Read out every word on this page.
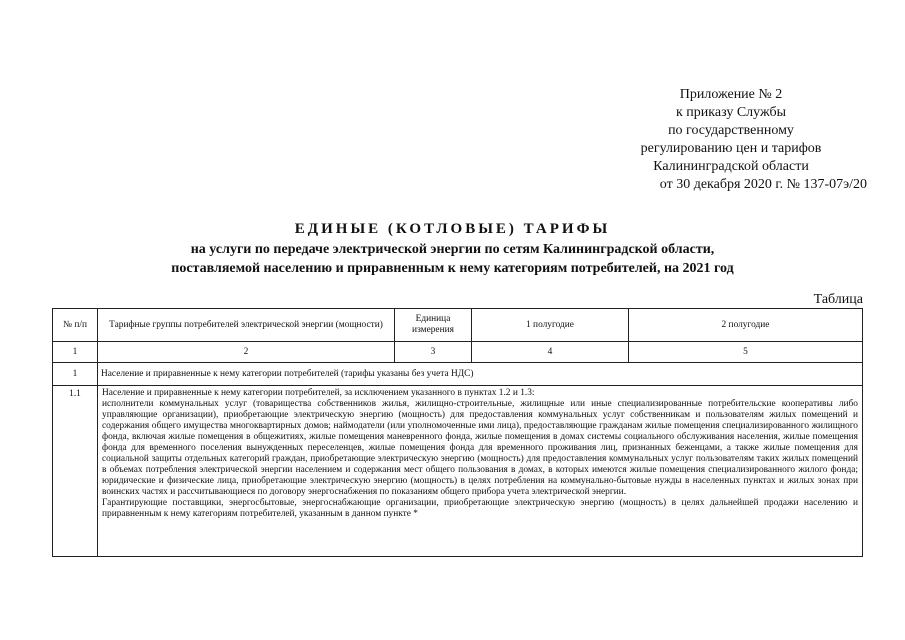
Приложение № 2
к приказу Службы
по государственному
регулированию цен и тарифов
Калининградской области
от 30 декабря 2020 г. № 137-07э/20
ЕДИНЫЕ (КОТЛОВЫЕ) ТАРИФЫ
на услуги по передаче электрической энергии по сетям Калининградской области,
поставляемой населению и приравненным к нему категориям потребителей, на 2021 год
Таблица
№ п/п	Тарифные группы потребителей электрической энергии (мощности)	Единица измерения	1 полугодие	2 полугодие
1	2	3	4	5
1	Население и приравненные к нему категории потребителей (тарифы указаны без учета НДС)			
1.1	Население и приравненные к нему категории потребителей, за исключением указанного в пунктах 1.2 и 1.3:

исполнители коммунальных услуг (товарищества собственников жилья, жилищно-строительные, жилищные или иные специализированные потребительские кооперативы либо управляющие организации), приобретающие электрическую энергию (мощность) для предоставления коммунальных услуг собственникам и пользователям жилых помещений и содержания общего имущества многоквартирных домов; наймодатели (или уполномоченные ими лица), предоставляющие гражданам жилые помещения специализированного жилищного фонда, включая жилые помещения в общежитиях, жилые помещения маневренного фонда, жилые помещения в домах системы социального обслуживания населения, жилые помещения фонда для временного поселения вынужденных переселенцев, жилые помещения фонда для временного проживания лиц, признанных беженцами, а также жилые помещения для социальной защиты отдельных категорий граждан, приобретающие электрическую энергию (мощность) для предоставления коммунальных услуг пользователям таких жилых помещений в объемах потребления электрической энергии населением и содержания мест общего пользования в домах, в которых имеются жилые помещения специализированного жилого фонда; юридические и физические лица, приобретающие электрическую энергию (мощность) в целях потребления на коммунально-бытовые нужды в населенных пунктах и жилых зонах при воинских частях и рассчитывающиеся по договору энергоснабжения по показаниям общего прибора учета электрической энергии.

Гарантирующие поставщики, энергосбытовые, энергоснабжающие организации, приобретающие электрическую энергию (мощность) в целях дальнейшей продажи населению и приравненным к нему категориям потребителей, указанным в данном пункте *			
